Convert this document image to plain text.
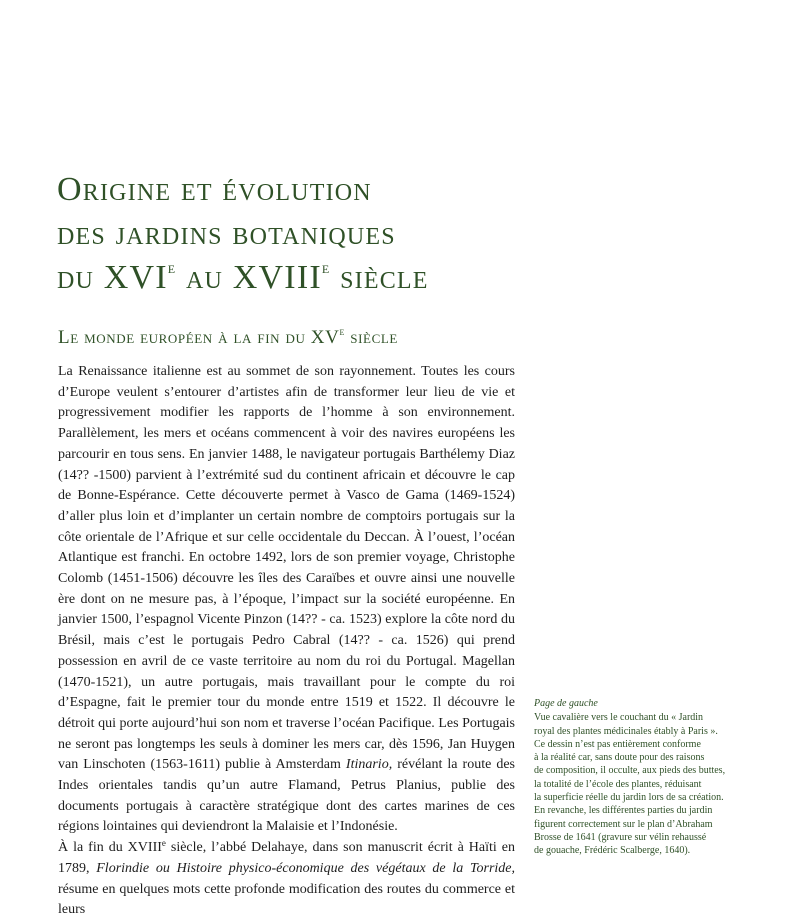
Origine et évolution
des jardins botaniques
du XVIe au XVIIIe siècle
Le monde européen à la fin du XVe siècle

La Renaissance italienne est au sommet de son rayonnement. Toutes les cours d’Europe veulent s’entourer d’artistes afin de transformer leur lieu de vie et progressivement modifier les rapports de l’homme à son environnement. Parallèlement, les mers et océans commencent à voir des navires européens les parcourir en tous sens. En janvier 1488, le navigateur portugais Barthélemy Diaz (14?? -1500) parvient à l’extrémité sud du continent africain et découvre le cap de Bonne-Espérance. Cette découverte permet à Vasco de Gama (1469-1524) d’aller plus loin et d’implanter un certain nombre de comptoirs portugais sur la côte orientale de l’Afrique et sur celle occidentale du Deccan. À l’ouest, l’océan Atlantique est franchi. En octobre 1492, lors de son premier voyage, Christophe Colomb (1451-1506) découvre les îles des Caraïbes et ouvre ainsi une nouvelle ère dont on ne mesure pas, à l’époque, l’impact sur la société européenne. En janvier 1500, l’espagnol Vicente Pinzon (14?? - ca. 1523) explore la côte nord du Brésil, mais c’est le portugais Pedro Cabral (14?? - ca. 1526) qui prend possession en avril de ce vaste territoire au nom du roi du Portugal. Magellan (1470-1521), un autre portugais, mais travaillant pour le compte du roi d’Espagne, fait le premier tour du monde entre 1519 et 1522. Il découvre le détroit qui porte aujourd’hui son nom et traverse l’océan Pacifique. Les Portugais ne seront pas longtemps les seuls à dominer les mers car, dès 1596, Jan Huygen van Linschoten (1563-1611) publie à Amsterdam Itinario, révélant la route des Indes orientales tandis qu’un autre Flamand, Petrus Planius, publie des documents portugais à caractère stratégique dont des cartes marines de ces régions lointaines qui deviendront la Malaisie et l’Indonésie.

À la fin du XVIIIe siècle, l’abbé Delahaye, dans son manuscrit écrit à Haïti en 1789, Florindie ou Histoire physico-économique des végétaux de la Torride, résume en quelques mots cette profonde modification des routes du commerce et leurs

Page de gauche
Vue cavalière vers le couchant du « Jardin
royal des plantes médicinales étably à Paris ».
Ce dessin n’est pas entièrement conforme
à la réalité car, sans doute pour des raisons
de composition, il occulte, aux pieds des buttes,
la totalité de l’école des plantes, réduisant
la superficie réelle du jardin lors de sa création.
En revanche, les différentes parties du jardin
figurent correctement sur le plan d’Abraham
Brosse de 1641 (gravure sur vélin rehaussé
de gouache, Frédéric Scalberge, 1640).
